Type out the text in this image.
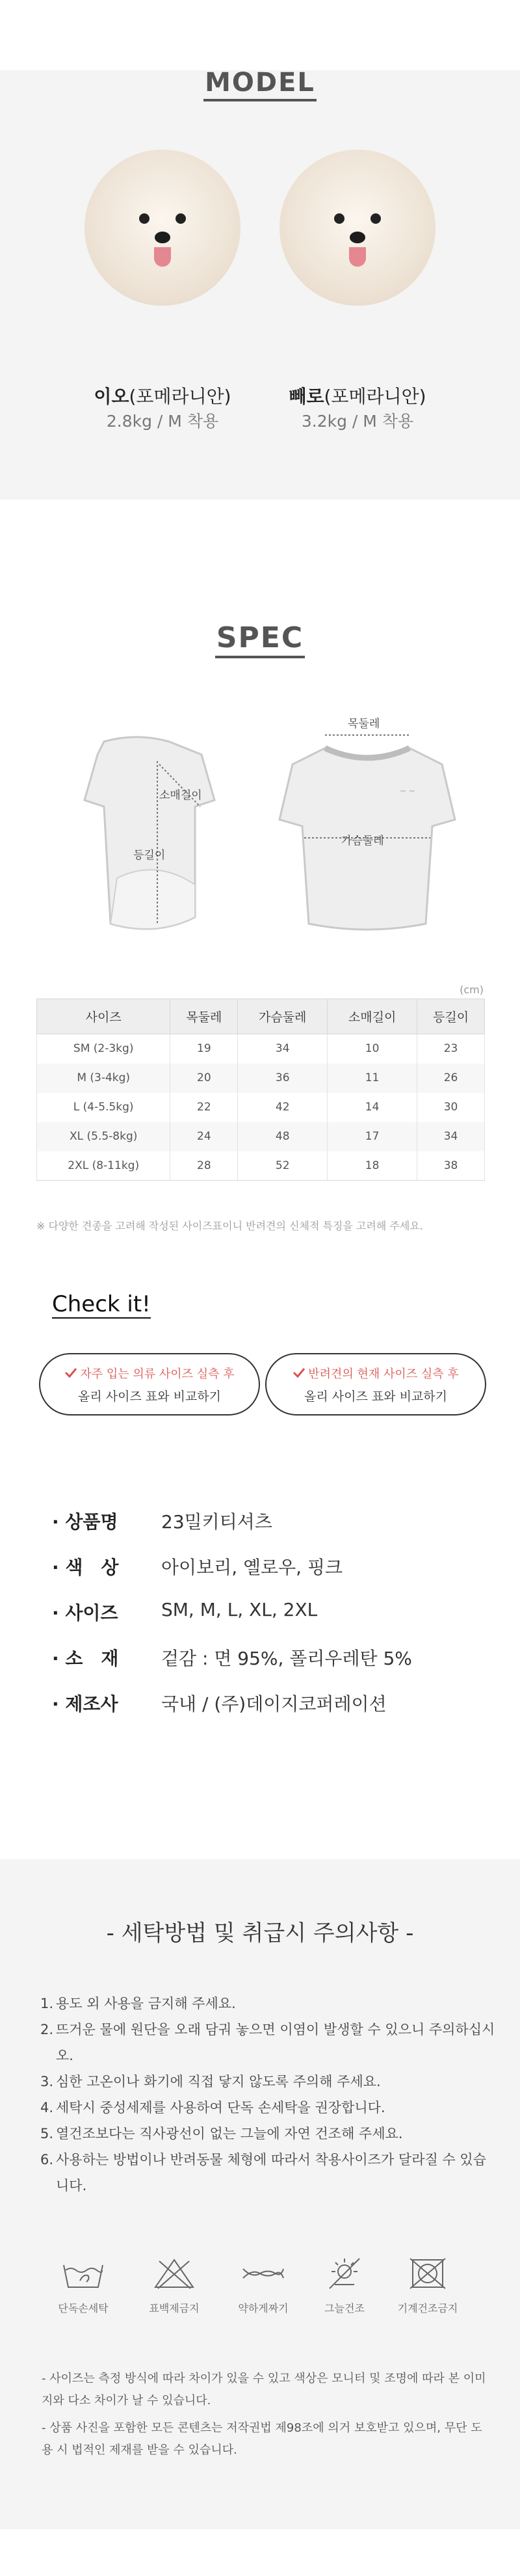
MODEL
이오(포메라니안)
2.8kg / M 착용
빼로(포메라니안)
3.2kg / M 착용
SPEC
소매길이
등길이
~ ~
목둘레
가슴둘레
(cm)
사이즈	목둘레	가슴둘레	소매길이	등길이
SM (2-3kg)	19	34	10	23
M (3-4kg)	20	36	11	26
L (4-5.5kg)	22	42	14	30
XL (5.5-8kg)	24	48	17	34
2XL (8-11kg)	28	52	18	38
※ 다양한 견종을 고려해 작성된 사이즈표이니 반려견의 신체적 특징을 고려해 주세요.
Check it!
자주 입는 의류 사이즈 실측 후
올리 사이즈 표와 비교하기
반려견의 현재 사이즈 실측 후
올리 사이즈 표와 비교하기
· 상품명	23밀키티셔츠
· 색　상	아이보리, 옐로우, 핑크
· 사이즈	SM, M, L, XL, 2XL
· 소　재	겉감 : 면 95%, 폴리우레탄 5%
· 제조사	국내 / (주)데이지코퍼레이션
- 세탁방법 및 취급시 주의사항 -
1. 용도 외 사용을 금지해 주세요.
2. 뜨거운 물에 원단을 오래 담궈 놓으면 이염이 발생할 수 있으니 주의하십시오.
3. 심한 고온이나 화기에 직접 닿지 않도록 주의해 주세요.
4. 세탁시 중성세제를 사용하여 단독 손세탁을 권장합니다.
5. 열건조보다는 직사광선이 없는 그늘에 자연 건조해 주세요.
6. 사용하는 방법이나 반려동물 체형에 따라서 착용사이즈가 달라질 수 있습니다.
단독손세탁	표백제금지	약하게짜기	그늘건조	기계건조금지
- 사이즈는 측정 방식에 따라 차이가 있을 수 있고 색상은 모니터 및 조명에 따라 본 이미지와 다소 차이가 날 수 있습니다.
- 상품 사진을 포함한 모든 콘텐츠는 저작권법 제98조에 의거 보호받고 있으며, 무단 도용 시 법적인 제재를 받을 수 있습니다.
